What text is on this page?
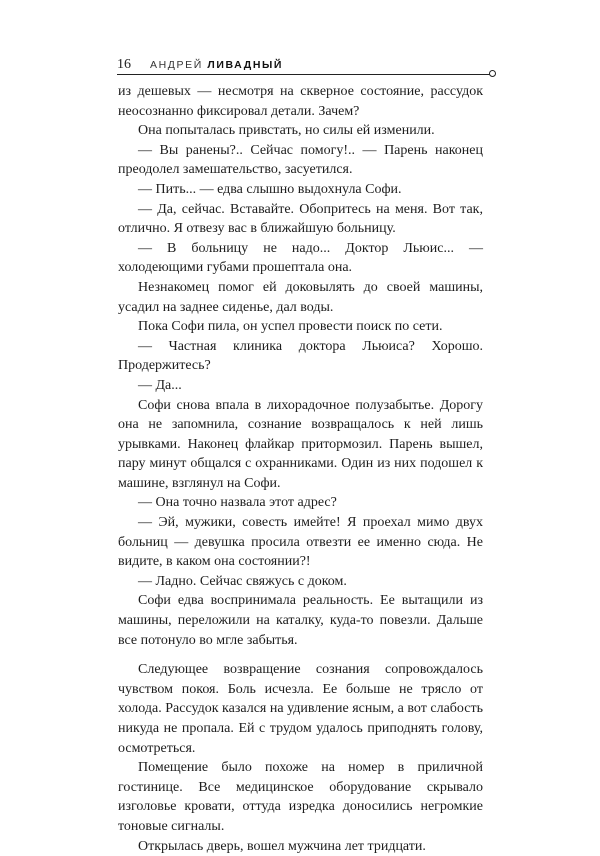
16 АНДРЕЙ ЛИВАДНЫЙ

из дешевых — несмотря на скверное состояние, рассудок неосознанно фиксировал детали. Зачем?

Она попыталась привстать, но силы ей изменили.

— Вы ранены?.. Сейчас помогу!.. — Парень наконец преодолел замешательство, засуетился.

— Пить... — едва слышно выдохнула Софи.

— Да, сейчас. Вставайте. Обопритесь на меня. Вот так, отлично. Я отвезу вас в ближайшую больницу.

— В больницу не надо... Доктор Льюис... — холодеющими губами прошептала она.

Незнакомец помог ей доковылять до своей машины, усадил на заднее сиденье, дал воды.

Пока Софи пила, он успел провести поиск по сети.

— Частная клиника доктора Льюиса? Хорошо. Продержитесь?

— Да...

Софи снова впала в лихорадочное полузабытье. Дорогу она не запомнила, сознание возвращалось к ней лишь урывками. Наконец флайкар притормозил. Парень вышел, пару минут общался с охранниками. Один из них подошел к машине, взглянул на Софи.

— Она точно назвала этот адрес?

— Эй, мужики, совесть имейте! Я проехал мимо двух больниц — девушка просила отвезти ее именно сюда. Не видите, в каком она состоянии?!

— Ладно. Сейчас свяжусь с доком.

Софи едва воспринимала реальность. Ее вытащили из машины, переложили на каталку, куда-то повезли. Дальше все потонуло во мгле забытья.

Следующее возвращение сознания сопровождалось чувством покоя. Боль исчезла. Ее больше не трясло от холода. Рассудок казался на удивление ясным, а вот слабость никуда не пропала. Ей с трудом удалось приподнять голову, осмотреться.

Помещение было похоже на номер в приличной гостинице. Все медицинское оборудование скрывало изголовье кровати, оттуда изредка доносились негромкие тоновые сигналы.

Открылась дверь, вошел мужчина лет тридцати.
